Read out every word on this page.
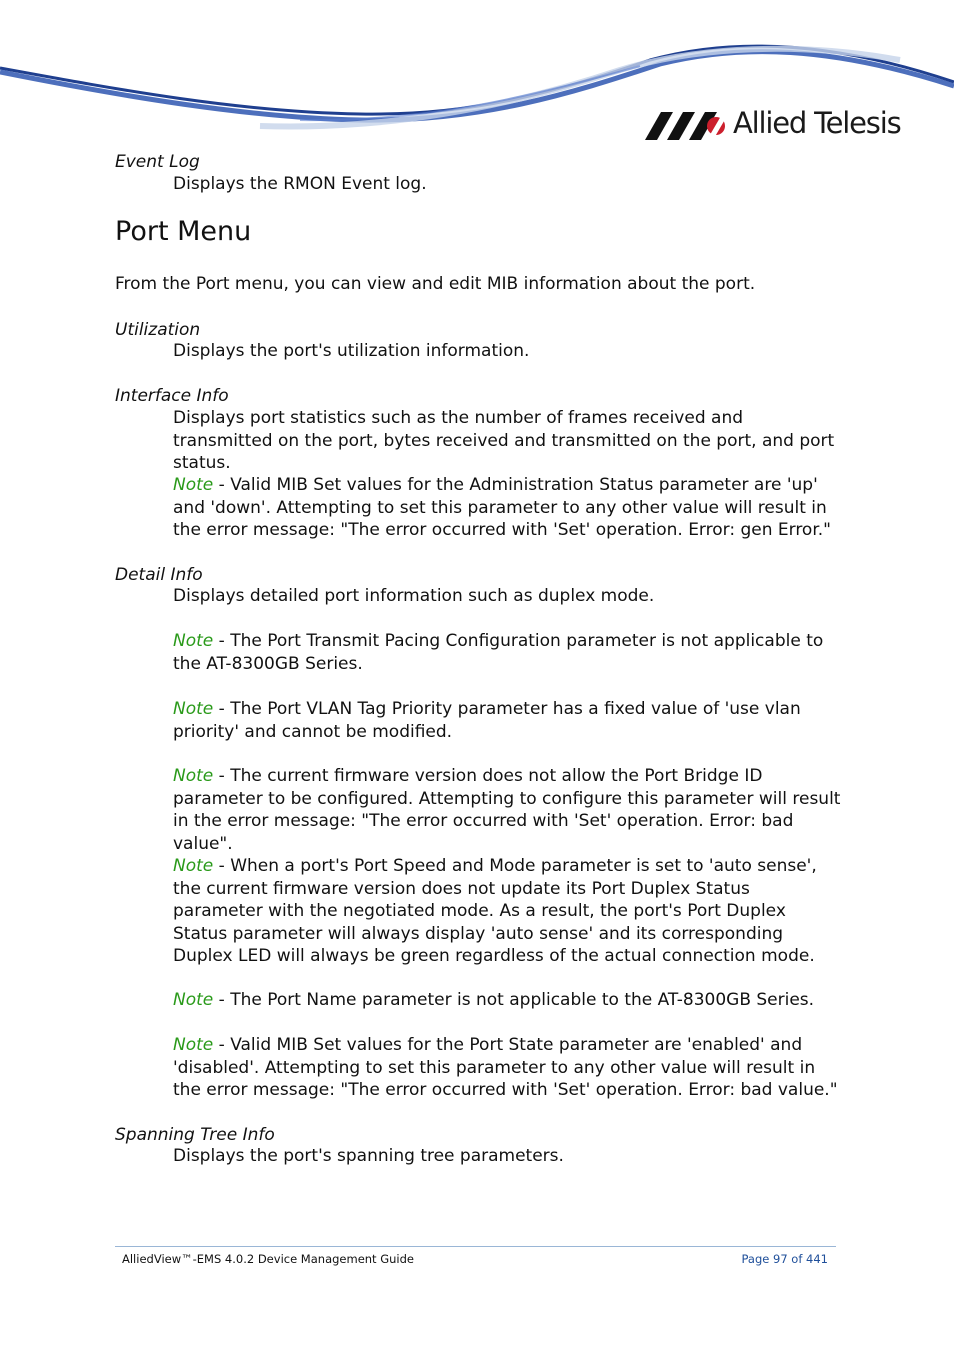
Allied Telesis
Event Log
Displays the RMON Event log.
Port Menu
From the Port menu, you can view and edit MIB information about the port.
Utilization
Displays the port's utilization information.
Interface Info
Displays port statistics such as the number of frames received and transmitted on the port, bytes received and transmitted on the port, and port status.
Note - Valid MIB Set values for the Administration Status parameter are 'up' and 'down'. Attempting to set this parameter to any other value will result in the error message: "The error occurred with 'Set' operation. Error: gen Error."
Detail Info
Displays detailed port information such as duplex mode.
Note - The Port Transmit Pacing Configuration parameter is not applicable to the AT-8300GB Series.
Note - The Port VLAN Tag Priority parameter has a fixed value of 'use vlan priority' and cannot be modified.
Note - The current firmware version does not allow the Port Bridge ID parameter to be configured. Attempting to configure this parameter will result in the error message: "The error occurred with 'Set' operation. Error: bad value".
Note - When a port's Port Speed and Mode parameter is set to 'auto sense', the current firmware version does not update its Port Duplex Status parameter with the negotiated mode. As a result, the port's Port Duplex Status parameter will always display 'auto sense' and its corresponding Duplex LED will always be green regardless of the actual connection mode.
Note - The Port Name parameter is not applicable to the AT-8300GB Series.
Note - Valid MIB Set values for the Port State parameter are 'enabled' and 'disabled'. Attempting to set this parameter to any other value will result in the error message: "The error occurred with 'Set' operation. Error: bad value."
Spanning Tree Info
Displays the port's spanning tree parameters.
AlliedView™-EMS 4.0.2 Device Management Guide	Page 97 of 441
